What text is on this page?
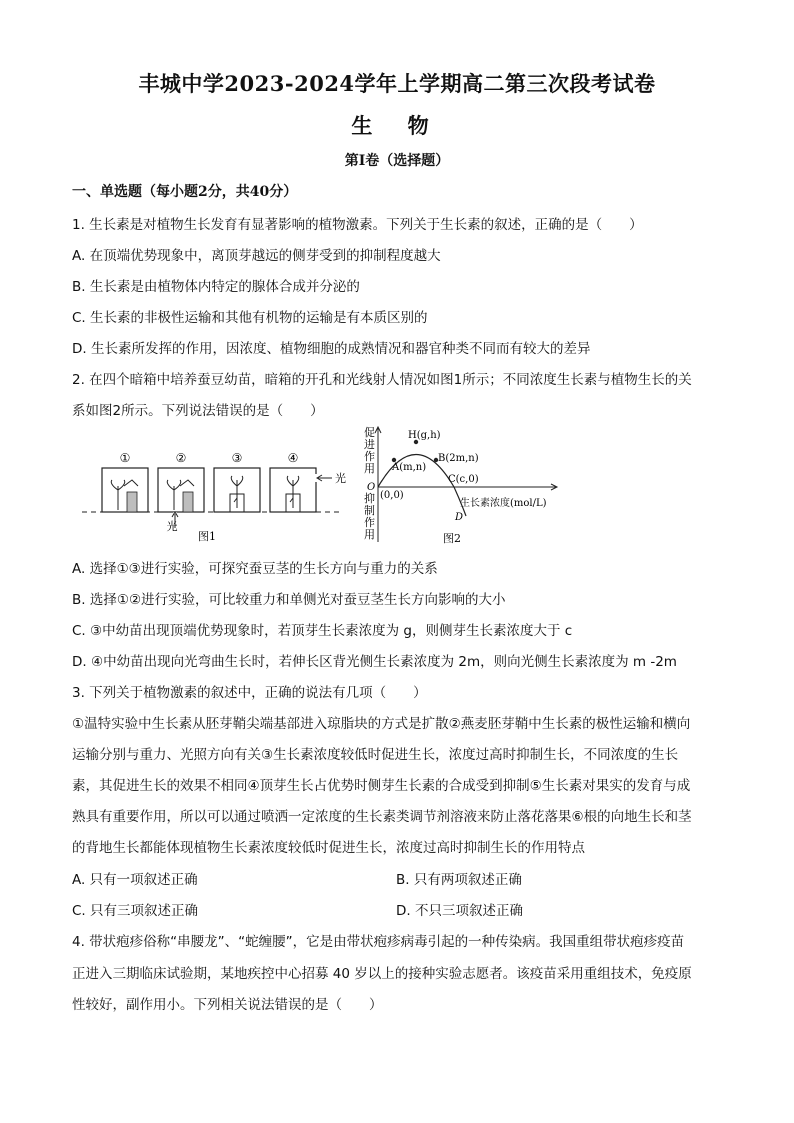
丰城中学2023-2024学年上学期高二第三次段考试卷
生 物
第Ⅰ卷（选择题）
一、单选题（每小题2分，共40分）
1. 生长素是对植物生长发育有显著影响的植物激素。下列关于生长素的叙述，正确的是（　　）
A. 在顶端优势现象中，离顶芽越远的侧芽受到的抑制程度越大
B. 生长素是由植物体内特定的腺体合成并分泌的
C. 生长素的非极性运输和其他有机物的运输是有本质区别的
D. 生长素所发挥的作用，因浓度、植物细胞的成熟情况和器官种类不同而有较大的差异
2. 在四个暗箱中培养蚕豆幼苗，暗箱的开孔和光线射人情况如图1所示；不同浓度生长素与植物生长的关
系如图2所示。下列说法错误的是（　　）
①	②
光
③	④
光
图1
促
进
作
用
抑
制
作
用
O
(0,0)
H(g,h)
A(m,n)
B(2m,n)
C(c,0)
D
生长素浓度(mol/L)
图2
A. 选择①③进行实验，可探究蚕豆茎的生长方向与重力的关系
B. 选择①②进行实验，可比较重力和单侧光对蚕豆茎生长方向影响的大小
C. ③中幼苗出现顶端优势现象时，若顶芽生长素浓度为 g，则侧芽生长素浓度大于 c
D. ④中幼苗出现向光弯曲生长时，若伸长区背光侧生长素浓度为 2m，则向光侧生长素浓度为 m -2m
3. 下列关于植物激素的叙述中，正确的说法有几项（　　）
①温特实验中生长素从胚芽鞘尖端基部进入琼脂块的方式是扩散②燕麦胚芽鞘中生长素的极性运输和横向
运输分别与重力、光照方向有关③生长素浓度较低时促进生长，浓度过高时抑制生长，不同浓度的生长
素，其促进生长的效果不相同④顶芽生长占优势时侧芽生长素的合成受到抑制⑤生长素对果实的发育与成
熟具有重要作用，所以可以通过喷洒一定浓度的生长素类调节剂溶液来防止落花落果⑥根的向地生长和茎
的背地生长都能体现植物生长素浓度较低时促进生长，浓度过高时抑制生长的作用特点
A. 只有一项叙述正确	B. 只有两项叙述正确
C. 只有三项叙述正确	D. 不只三项叙述正确
4. 带状疱疹俗称“串腰龙”、“蛇缠腰”，它是由带状疱疹病毒引起的一种传染病。我国重组带状疱疹疫苗
正进入三期临床试验期，某地疾控中心招募 40 岁以上的接种实验志愿者。该疫苗采用重组技术，免疫原
性较好，副作用小。下列相关说法错误的是（　　）
